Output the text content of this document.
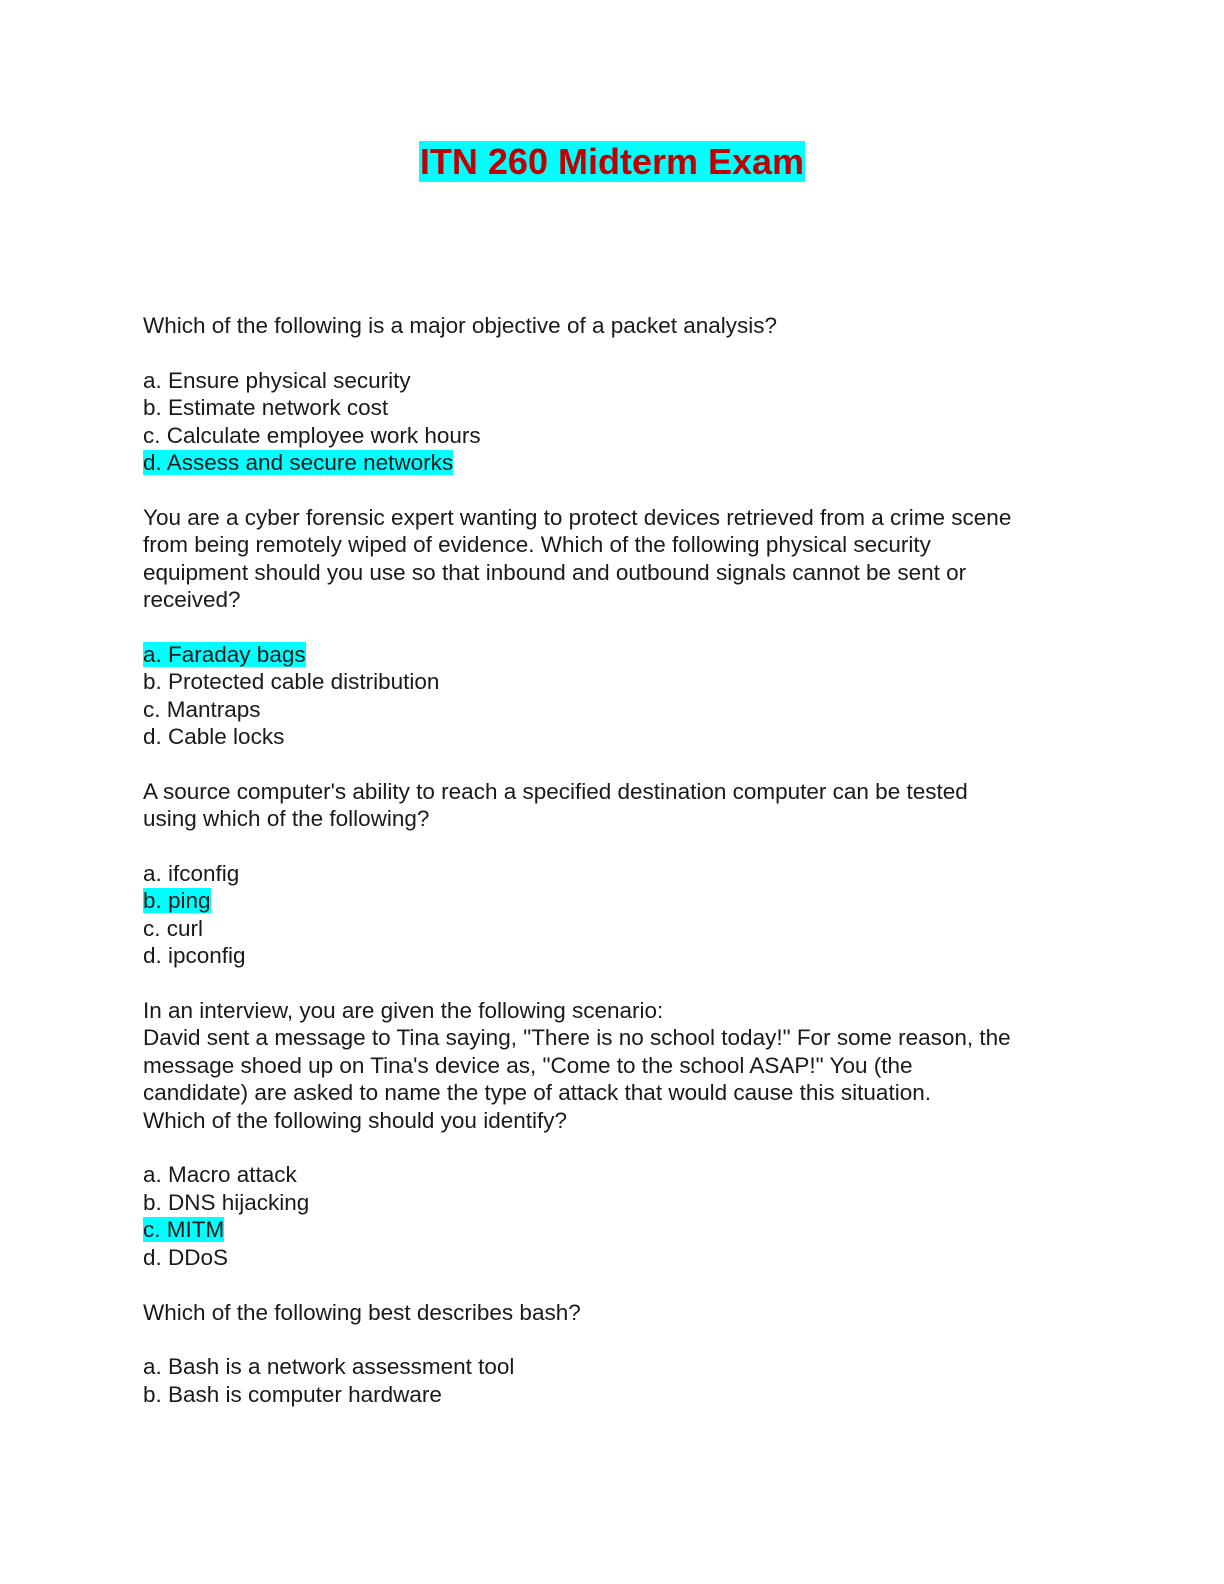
ITN 260 Midterm Exam
Which of the following is a major objective of a packet analysis?
a. Ensure physical security
b. Estimate network cost
c. Calculate employee work hours
d. Assess and secure networks
You are a cyber forensic expert wanting to protect devices retrieved from a crime scene
from being remotely wiped of evidence. Which of the following physical security
equipment should you use so that inbound and outbound signals cannot be sent or
received?
a. Faraday bags
b. Protected cable distribution
c. Mantraps
d. Cable locks
A source computer's ability to reach a specified destination computer can be tested
using which of the following?
a. ifconfig
b. ping
c. curl
d. ipconfig
In an interview, you are given the following scenario:
David sent a message to Tina saying, "There is no school today!" For some reason, the
message shoed up on Tina's device as, "Come to the school ASAP!" You (the
candidate) are asked to name the type of attack that would cause this situation.
Which of the following should you identify?
a. Macro attack
b. DNS hijacking
c. MITM
d. DDoS
Which of the following best describes bash?
a. Bash is a network assessment tool
b. Bash is computer hardware
